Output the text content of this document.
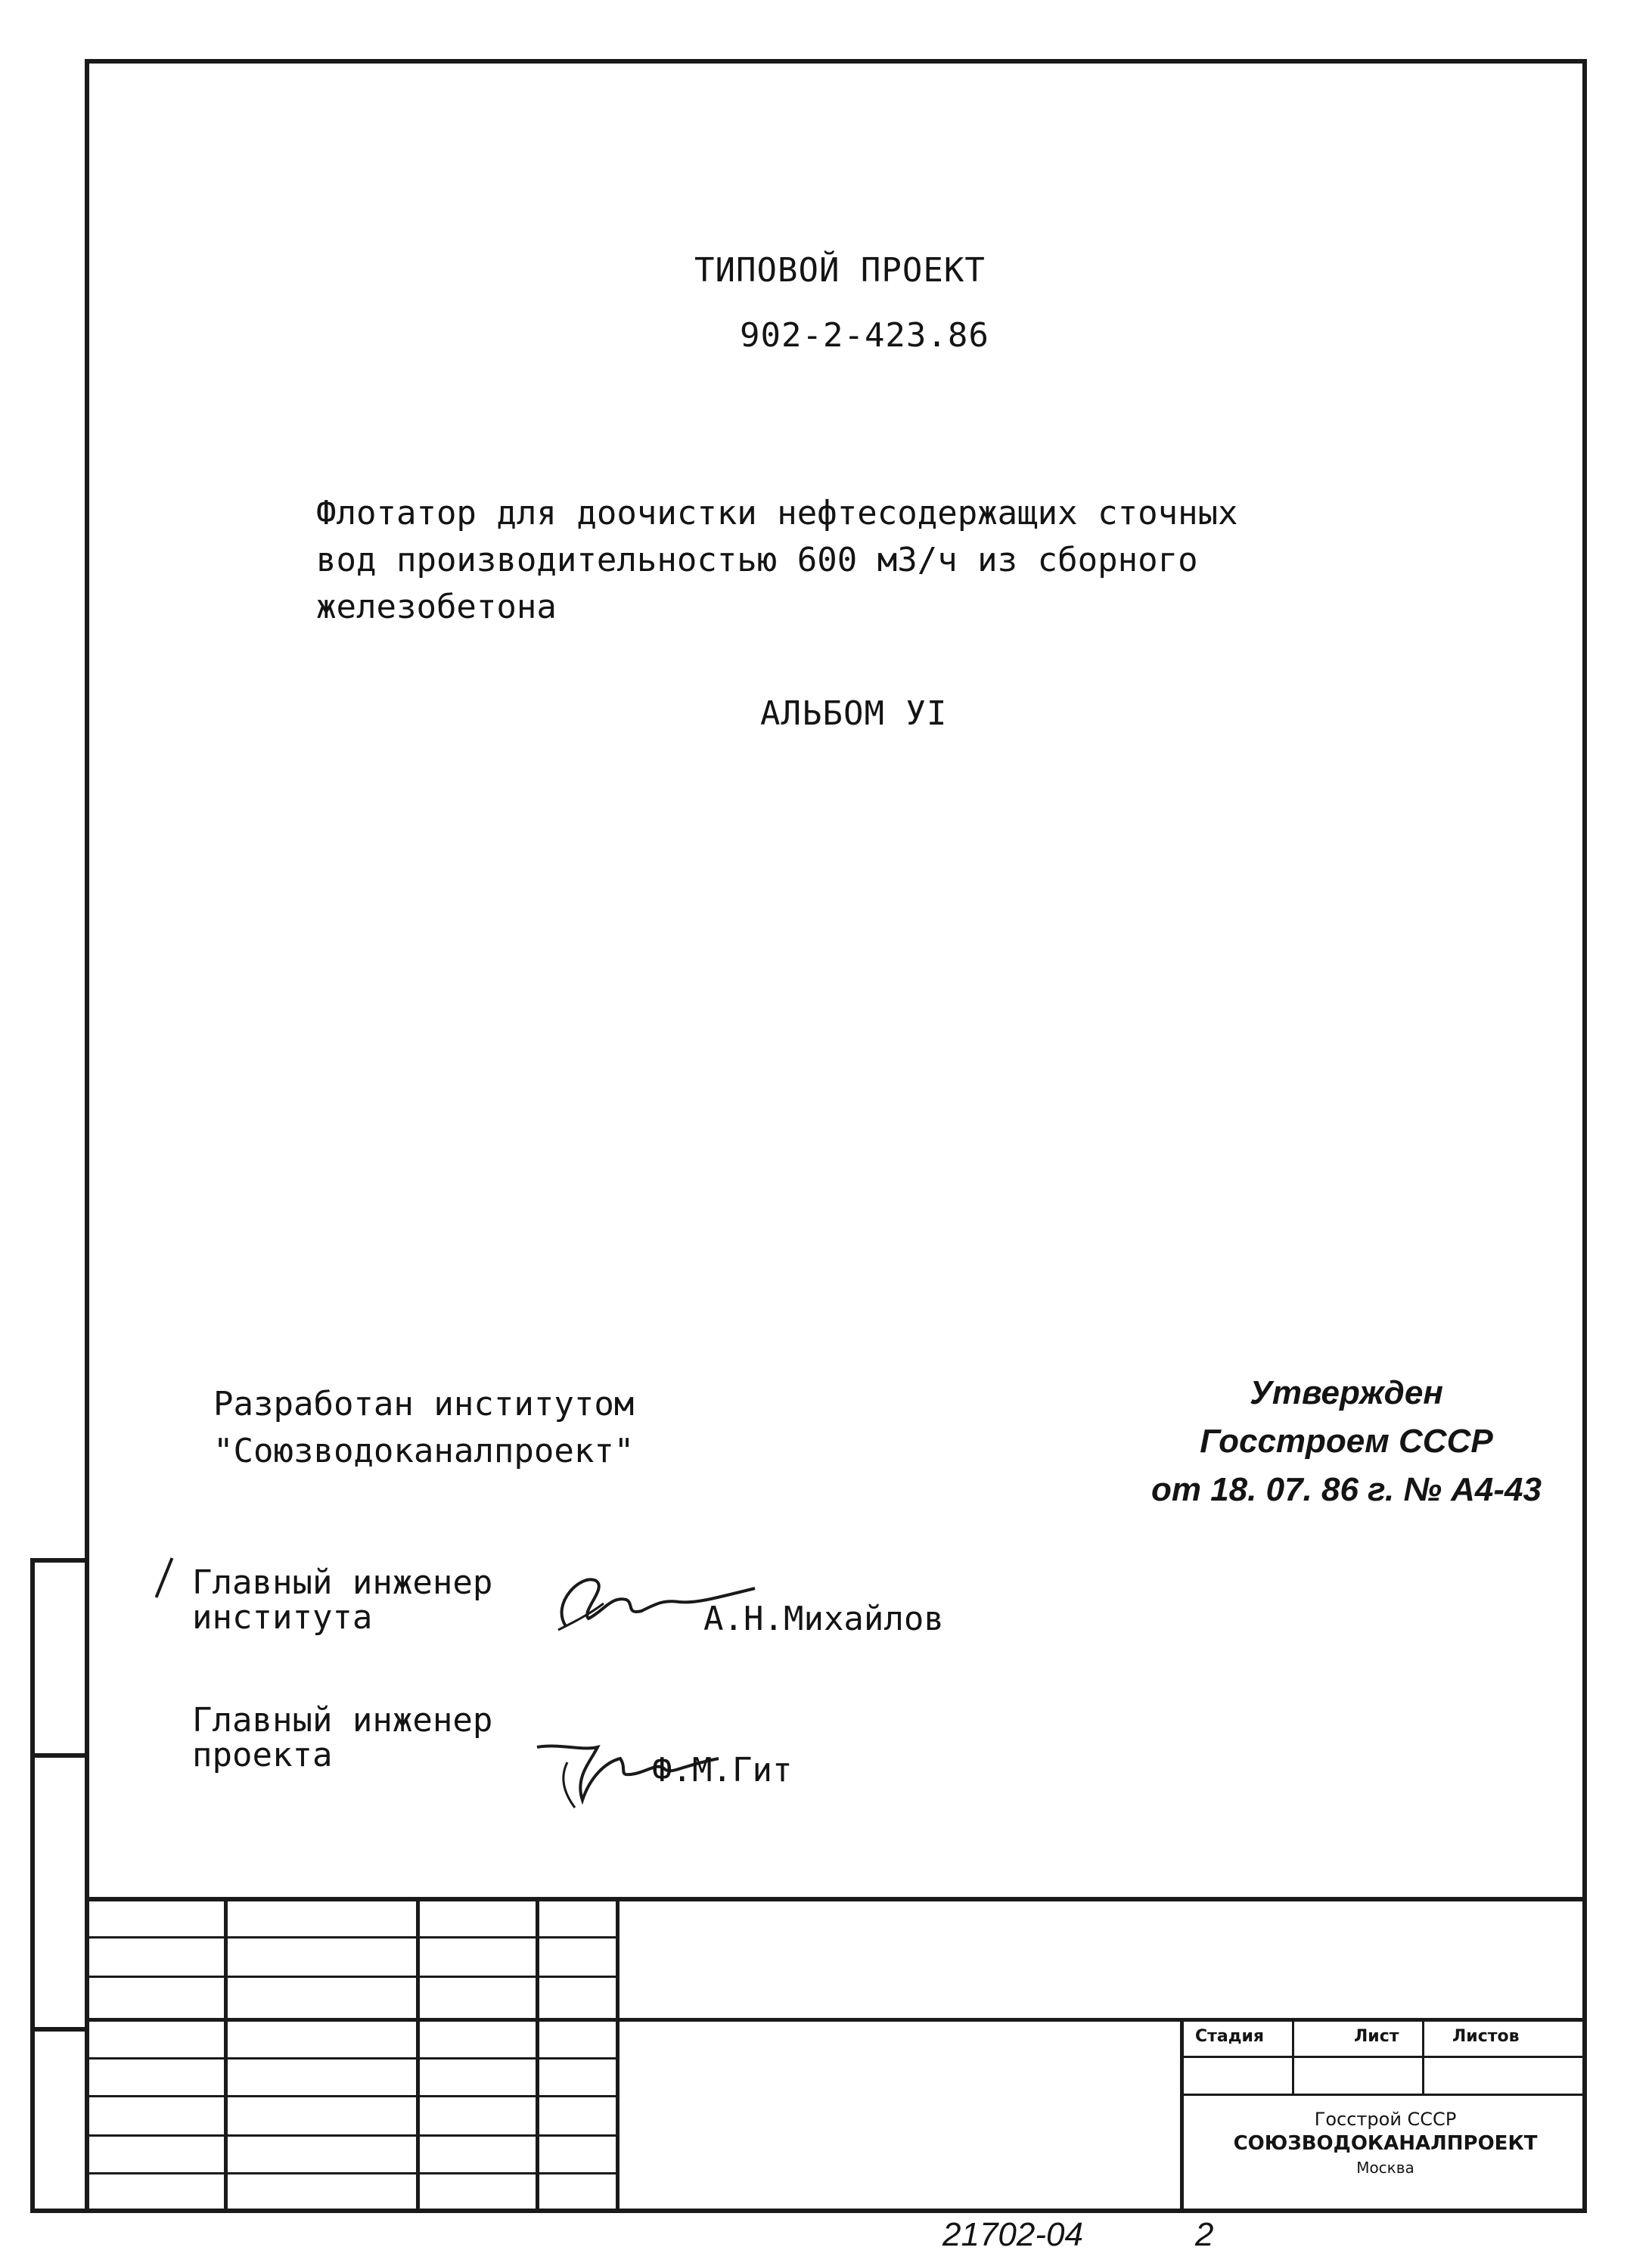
ТИПОВОЙ ПРОЕКТ
902-2-423.86
Флотатор для доочистки нефтесодержащих сточных
вод производительностью 600 м3/ч из сборного
железобетона
АЛЬБОМ УI
Разработан институтом
"Союзводоканалпроект"
Утвержден
Госстроем СССР
от 18. 07. 86 г. № А4-43
Главный инженер
института	А.Н.Михайлов
Главный инженер
проекта	Ф.М.Гит
Стадия	Лист	Листов
Госстрой СССР
СОЮЗВОДОКАНАЛПРОЕКТ
Москва
21702-04	2
